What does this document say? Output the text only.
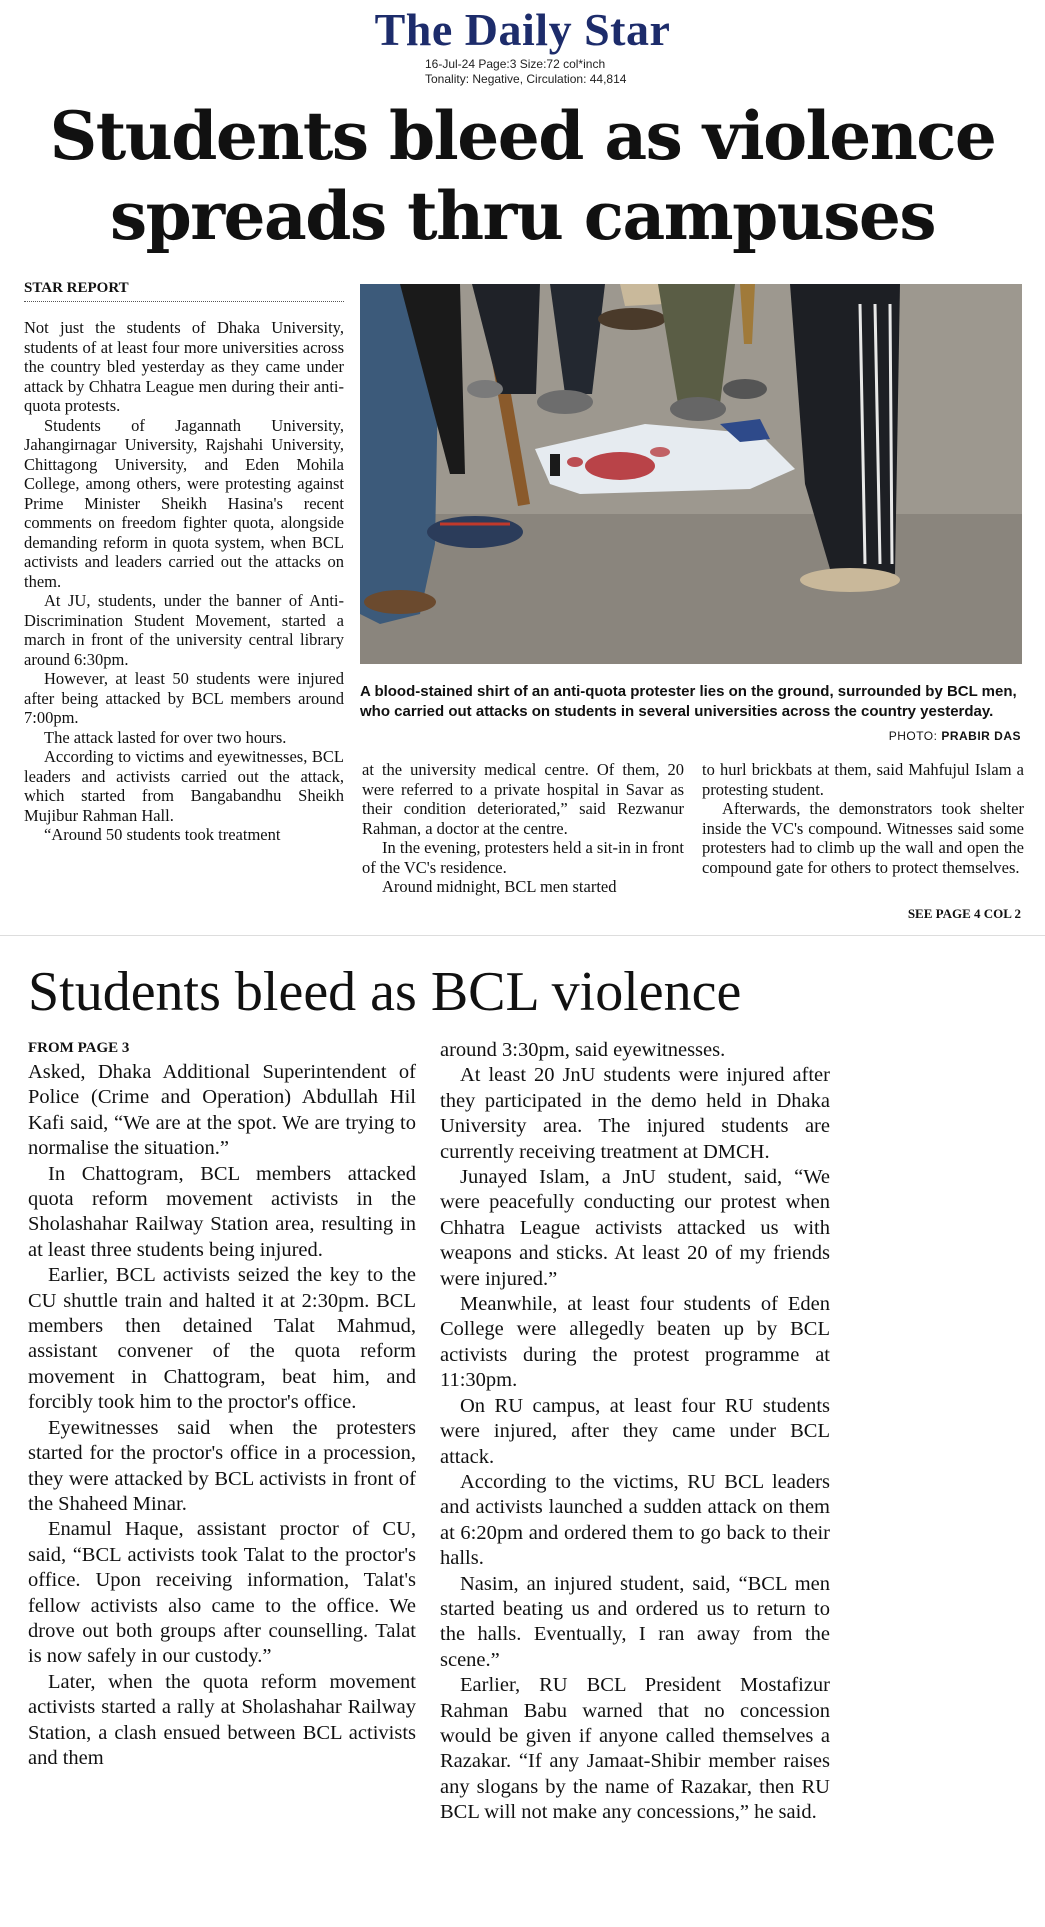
The Daily Star
16-Jul-24 Page:3 Size:72 col*inch
Tonality: Negative, Circulation: 44,814
Students bleed as violence
spreads thru campuses
STAR REPORT

Not just the students of Dhaka University, students of at least four more universities across the country bled yesterday as they came under attack by Chhatra League men during their anti-quota protests.

Students of Jagannath University, Jahangirnagar University, Rajshahi University, Chittagong University, and Eden Mohila College, among others, were protesting against Prime Minister Sheikh Hasina's recent comments on freedom fighter quota, alongside demanding reform in quota system, when BCL activists and leaders carried out the attacks on them.

At JU, students, under the banner of Anti-Discrimination Student Movement, started a march in front of the university central library around 6:30pm.

However, at least 50 students were injured after being attacked by BCL members around 7:00pm.

The attack lasted for over two hours.

According to victims and eyewitnesses, BCL leaders and activists carried out the attack, which started from Bangabandhu Sheikh Mujibur Rahman Hall.

“Around 50 students took treatment

A blood-stained shirt of an anti-quota protester lies on the ground, surrounded by BCL men, who carried out attacks on students in several universities across the country yesterday.
PHOTO: PRABIR DAS

at the university medical centre. Of them, 20 were referred to a private hospital in Savar as their condition deteriorated,” said Rezwanur Rahman, a doctor at the centre.

In the evening, protesters held a sit-in in front of the VC's residence.

Around midnight, BCL men started

to hurl brickbats at them, said Mahfujul Islam a protesting student.

Afterwards, the demonstrators took shelter inside the VC's compound. Witnesses said some protesters had to climb up the wall and open the compound gate for others to protect themselves.

SEE PAGE 4 COL 2
Students bleed as BCL violence
FROM PAGE 3

Asked, Dhaka Additional Superintendent of Police (Crime and Operation) Abdullah Hil Kafi said, “We are at the spot. We are trying to normalise the situation.”

In Chattogram, BCL members attacked quota reform movement activists in the Sholashahar Railway Station area, resulting in at least three students being injured.

Earlier, BCL activists seized the key to the CU shuttle train and halted it at 2:30pm. BCL members then detained Talat Mahmud, assistant convener of the quota reform movement in Chattogram, beat him, and forcibly took him to the proctor's office.

Eyewitnesses said when the protesters started for the proctor's office in a procession, they were attacked by BCL activists in front of the Shaheed Minar.

Enamul Haque, assistant proctor of CU, said, “BCL activists took Talat to the proctor's office. Upon receiving information, Talat's fellow activists also came to the office. We drove out both groups after counselling. Talat is now safely in our custody.”

Later, when the quota reform movement activists started a rally at Sholashahar Railway Station, a clash ensued between BCL activists and them

around 3:30pm, said eyewitnesses.

At least 20 JnU students were injured after they participated in the demo held in Dhaka University area. The injured students are currently receiving treatment at DMCH.

Junayed Islam, a JnU student, said, “We were peacefully conducting our protest when Chhatra League activists attacked us with weapons and sticks. At least 20 of my friends were injured.”

Meanwhile, at least four students of Eden College were allegedly beaten up by BCL activists during the protest programme at 11:30pm.

On RU campus, at least four RU students were injured, after they came under BCL attack.

According to the victims, RU BCL leaders and activists launched a sudden attack on them at 6:20pm and ordered them to go back to their halls.

Nasim, an injured student, said, “BCL men started beating us and ordered us to return to the halls. Eventually, I ran away from the scene.”

Earlier, RU BCL President Mostafizur Rahman Babu warned that no concession would be given if anyone called themselves a Razakar. “If any Jamaat-Shibir member raises any slogans by the name of Razakar, then RU BCL will not make any concessions,” he said.
